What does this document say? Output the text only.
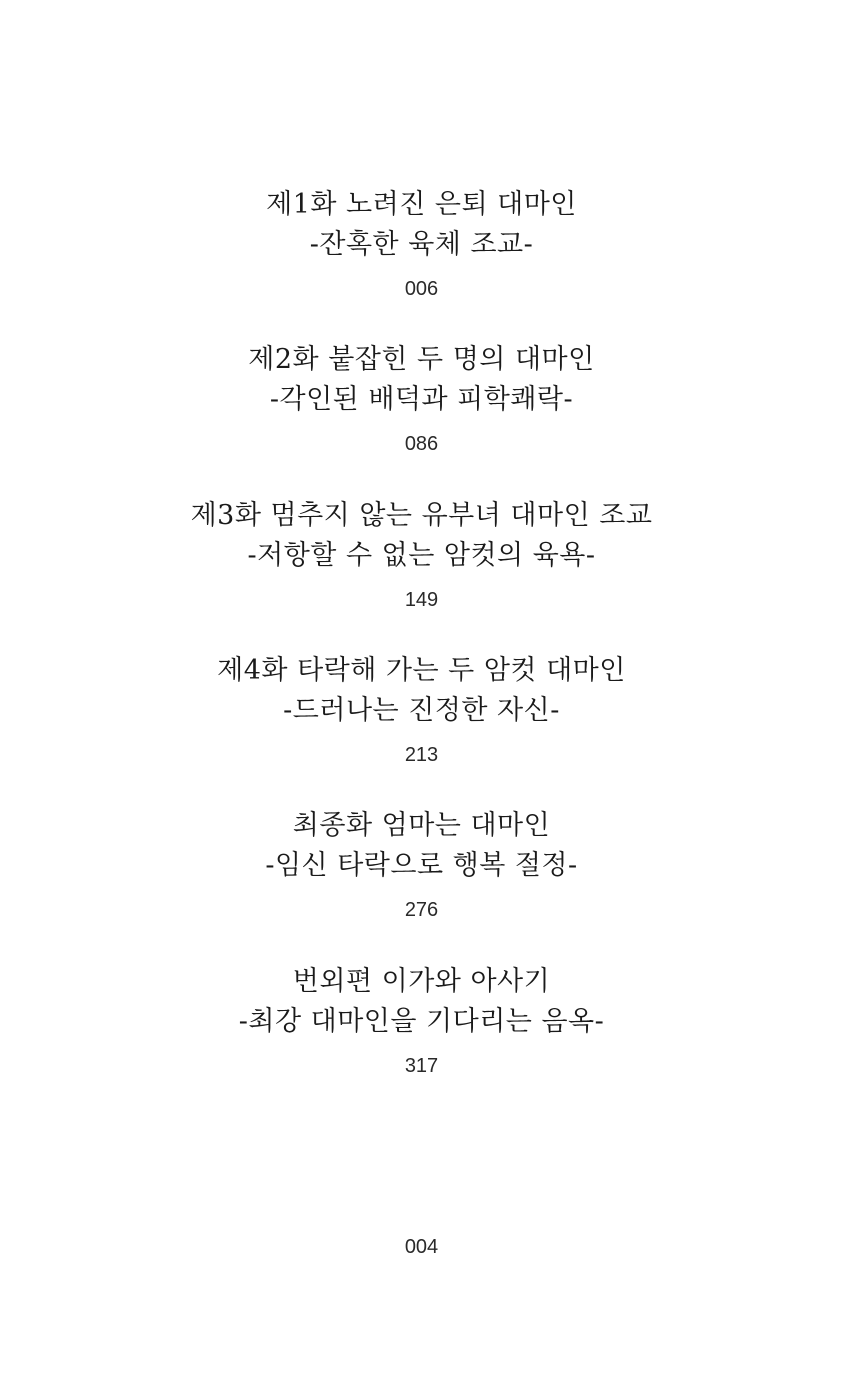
제1화 노려진 은퇴 대마인
-잔혹한 육체 조교-
006
제2화 붙잡힌 두 명의 대마인
-각인된 배덕과 피학쾌락-
086
제3화 멈추지 않는 유부녀 대마인 조교
-저항할 수 없는 암컷의 육욕-
149
제4화 타락해 가는 두 암컷 대마인
-드러나는 진정한 자신-
213
최종화 엄마는 대마인
-임신 타락으로 행복 절정-
276
번외편 이가와 아사기
-최강 대마인을 기다리는 음옥-
317
004
